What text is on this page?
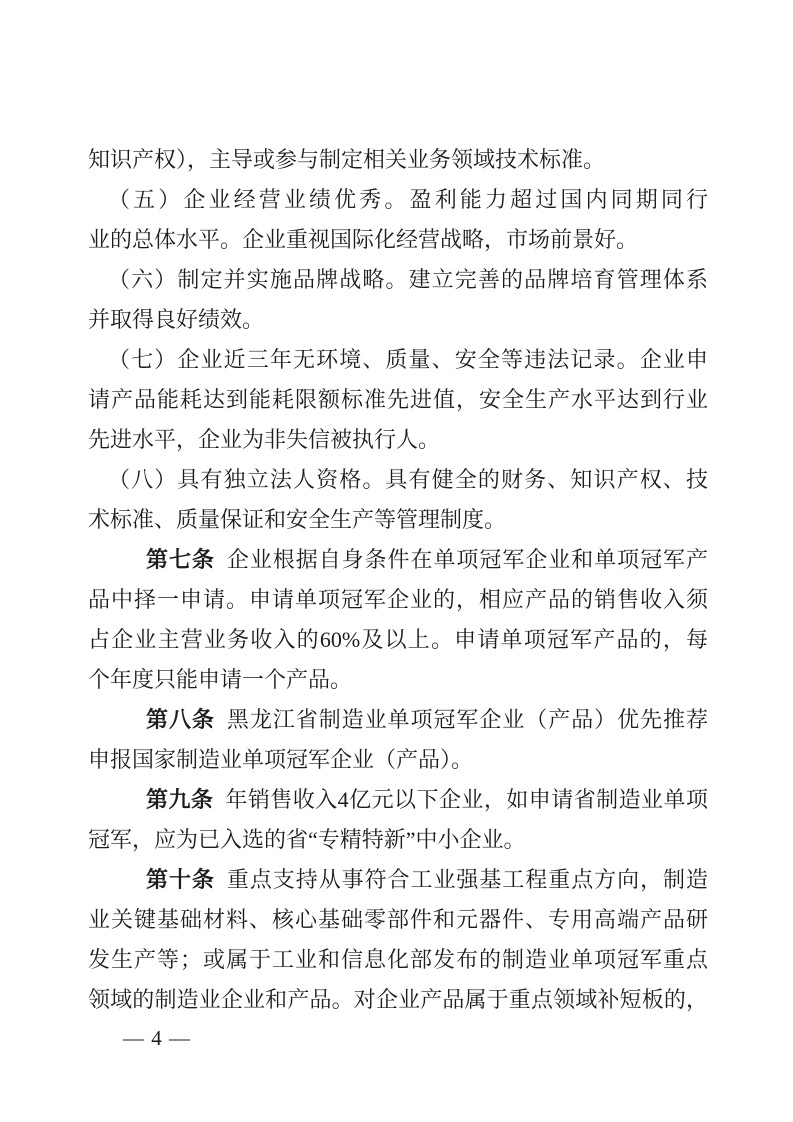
知识产权），主导或参与制定相关业务领域技术标准。
（五）企业经营业绩优秀。盈利能力超过国内同期同行
业的总体水平。企业重视国际化经营战略，市场前景好。
（六）制定并实施品牌战略。建立完善的品牌培育管理体系
并取得良好绩效。
（七）企业近三年无环境、质量、安全等违法记录。企业申
请产品能耗达到能耗限额标准先进值，安全生产水平达到行业
先进水平，企业为非失信被执行人。
（八）具有独立法人资格。具有健全的财务、知识产权、技
术标准、质量保证和安全生产等管理制度。
第七条 企业根据自身条件在单项冠军企业和单项冠军产
品中择一申请。申请单项冠军企业的，相应产品的销售收入须
占企业主营业务收入的60%及以上。申请单项冠军产品的，每
个年度只能申请一个产品。
第八条 黑龙江省制造业单项冠军企业（产品）优先推荐
申报国家制造业单项冠军企业（产品）。
第九条 年销售收入4亿元以下企业，如申请省制造业单项
冠军，应为已入选的省“专精特新”中小企业。
第十条 重点支持从事符合工业强基工程重点方向，制造
业关键基础材料、核心基础零部件和元器件、专用高端产品研
发生产等；或属于工业和信息化部发布的制造业单项冠军重点
领域的制造业企业和产品。对企业产品属于重点领域补短板的，
— 4 —
